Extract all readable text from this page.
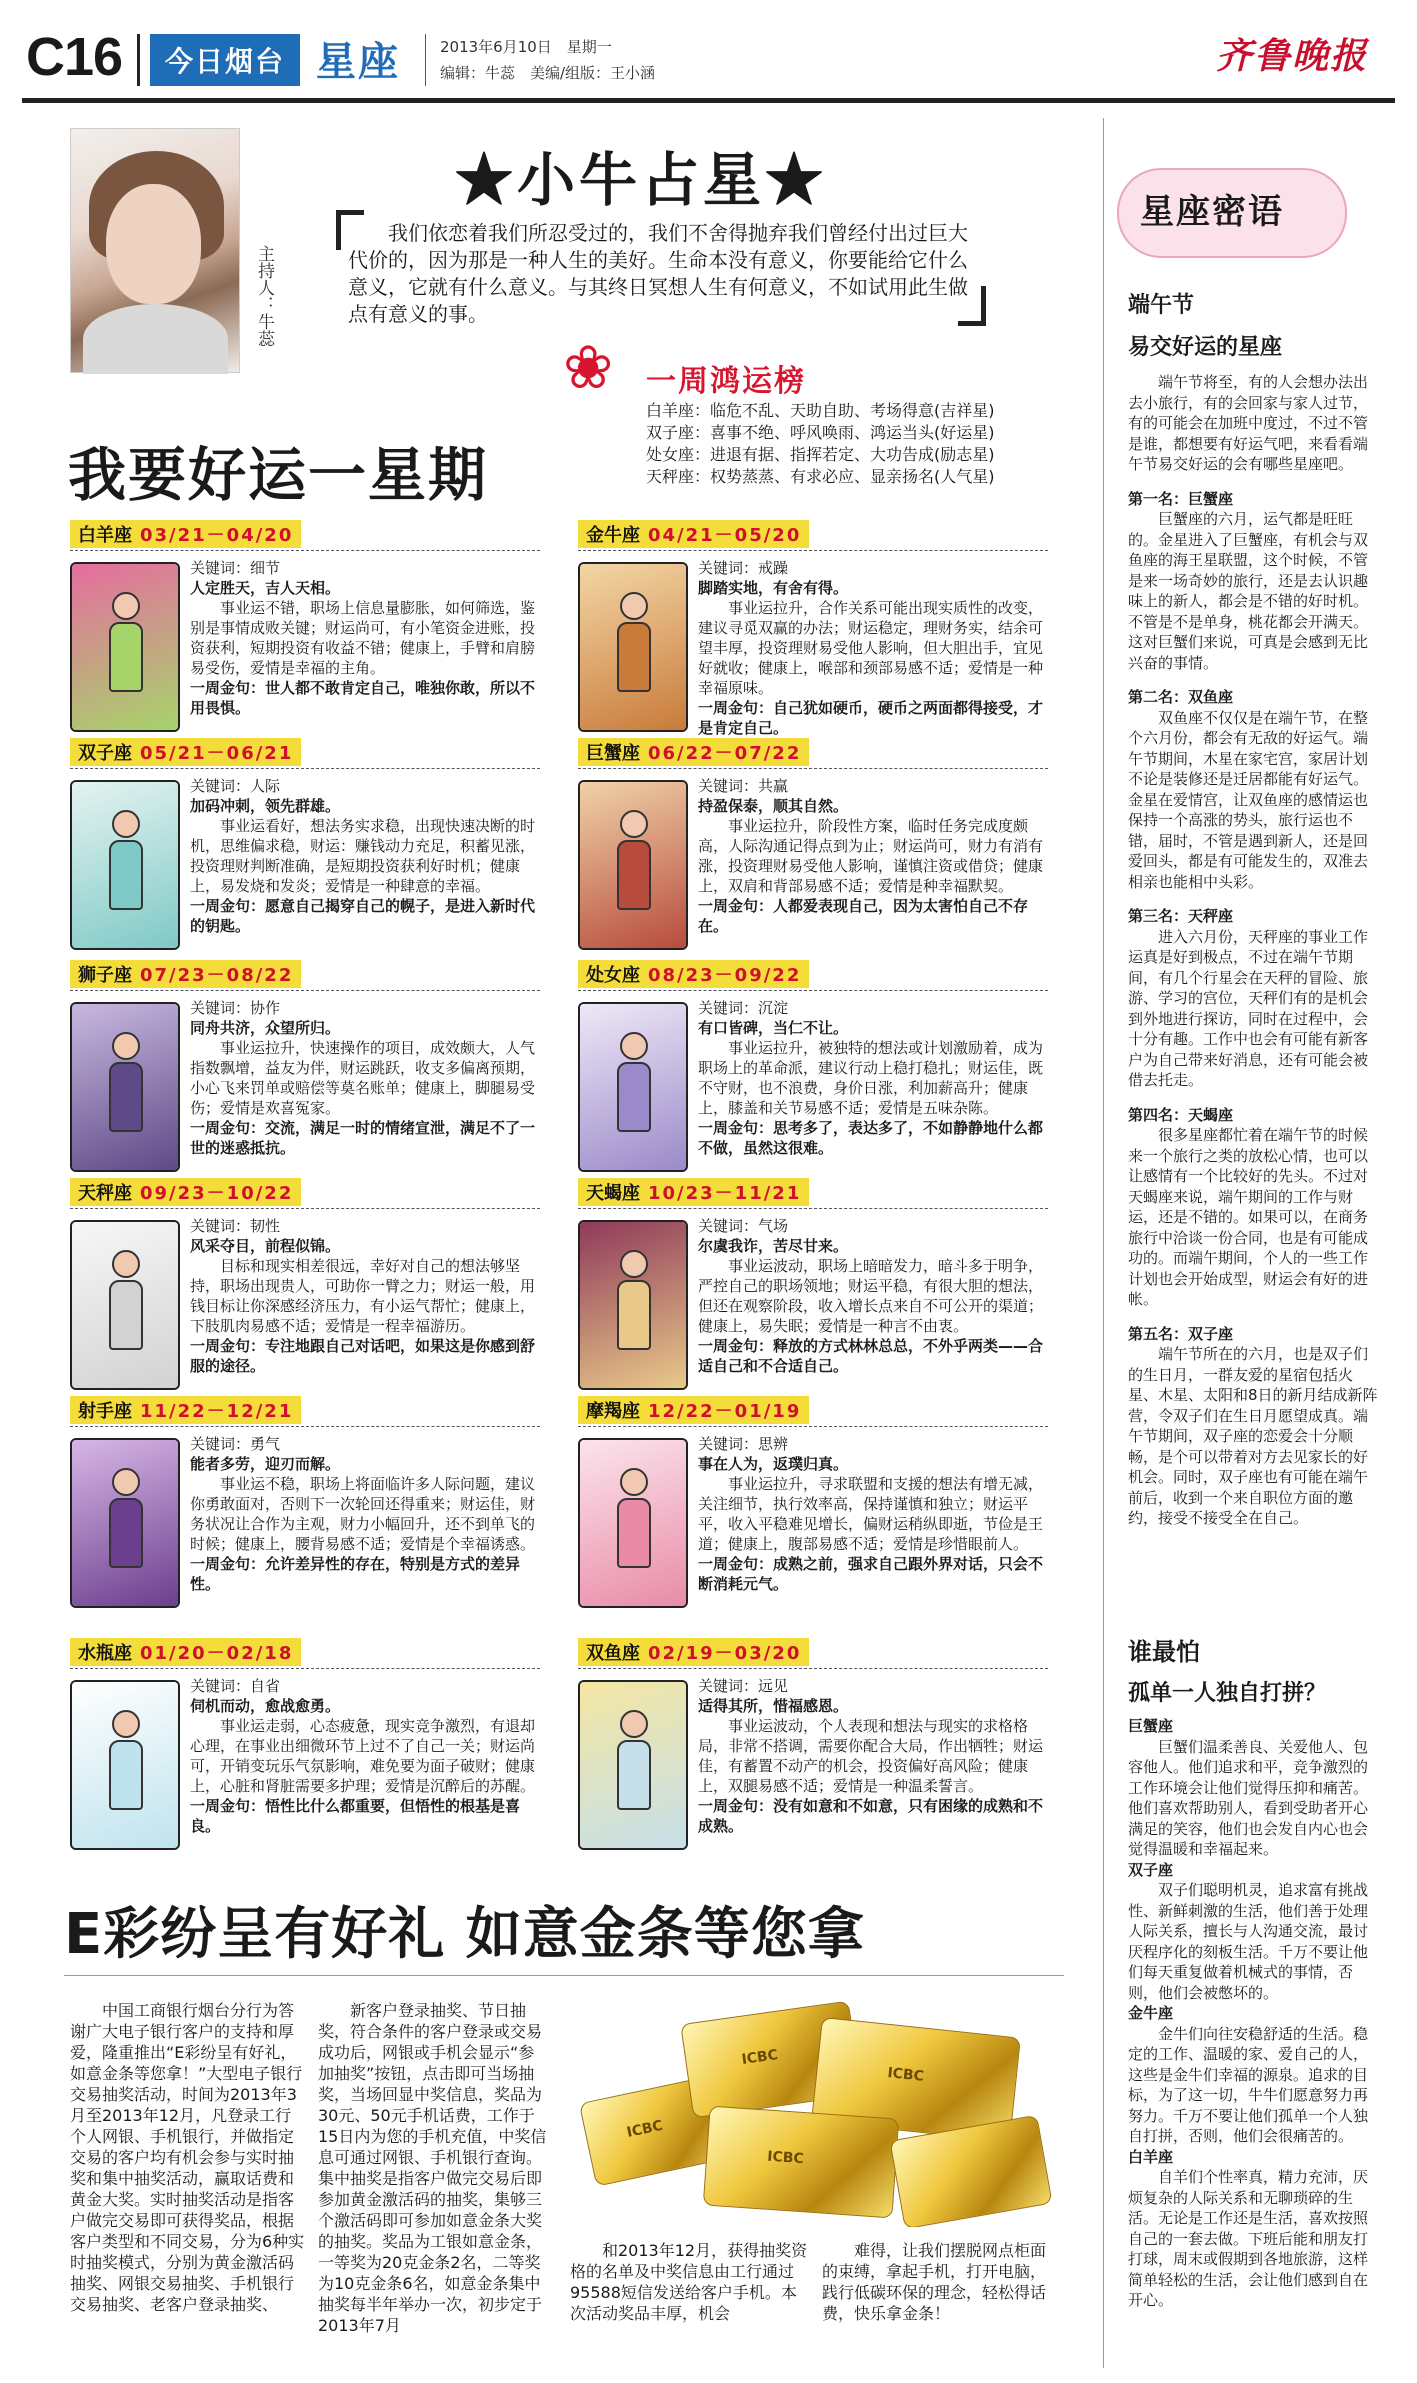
C16	今日烟台 星座	2013年6月10日　星期一
编辑：牛蕊　美编/组版：王小涵	齐鲁晚报
主持人：牛蕊
★小牛占星★
我们依恋着我们所忍受过的，我们不舍得抛弃我们曾经付出过巨大代价的，因为那是一种人生的美好。生命本没有意义，你要能给它什么意义，它就有什么意义。与其终日冥想人生有何意义，不如试用此生做点有意义的事。
❀ 一周鸿运榜
白羊座：临危不乱、天助自助、考场得意(吉祥星)
双子座：喜事不绝、呼风唤雨、鸿运当头(好运星)
处女座：进退有据、指挥若定、大功告成(励志星)
天秤座：权势蒸蒸、有求必应、显亲扬名(人气星)
我要好运一星期
白羊座 03/21－04/20
关键词：细节
人定胜天，吉人天相。
事业运不错，职场上信息量膨胀，如何筛选，鉴别是事情成败关键；财运尚可，有小笔资金进账，投资获利，短期投资有收益不错；健康上，手臂和肩膀易受伤，爱情是幸福的主角。
一周金句：世人都不敢肯定自己，唯独你敢，所以不用畏惧。
金牛座 04/21－05/20
关键词：戒躁
脚踏实地，有舍有得。
事业运拉升，合作关系可能出现实质性的改变，建议寻觅双赢的办法；财运稳定，理财务实，结余可望丰厚，投资理财易受他人影响，但大胆出手，宜见好就收；健康上，喉部和颈部易感不适；爱情是一种幸福原味。
一周金句：自己犹如硬币，硬币之两面都得接受，才是肯定自己。
双子座 05/21－06/21
关键词：人际
加码冲刺，领先群雄。
事业运看好，想法务实求稳，出现快速决断的时机，思维偏求稳，财运：赚钱动力充足，积蓄见涨，投资理财判断准确，是短期投资获利好时机；健康上，易发烧和发炎；爱情是一种肆意的幸福。
一周金句：愿意自己揭穿自己的幌子，是进入新时代的钥匙。
巨蟹座 06/22－07/22
关键词：共赢
持盈保泰，顺其自然。
事业运拉升，阶段性方案，临时任务完成度颇高，人际沟通记得点到为止；财运尚可，财力有消有涨，投资理财易受他人影响，谨慎注资或借贷；健康上，双肩和背部易感不适；爱情是种幸福默契。
一周金句：人都爱表现自己，因为太害怕自己不存在。
狮子座 07/23－08/22
关键词：协作
同舟共济，众望所归。
事业运拉升，快速操作的项目，成效颇大，人气指数飘增，益友为伴，财运跳跃，收支多偏离预期，小心飞来罚单或赔偿等莫名账单；健康上，脚腿易受伤；爱情是欢喜冤家。
一周金句：交流，满足一时的情绪宣泄，满足不了一世的迷惑抵抗。
处女座 08/23－09/22
关键词：沉淀
有口皆碑，当仁不让。
事业运拉升，被独特的想法或计划激励着，成为职场上的革命派，建议行动上稳打稳扎；财运佳，既不守财，也不浪费，身价日涨，利加薪高升；健康上，膝盖和关节易感不适；爱情是五味杂陈。
一周金句：思考多了，表达多了，不如静静地什么都不做，虽然这很难。
天秤座 09/23－10/22
关键词：韧性
风采夺目，前程似锦。
目标和现实相差很远，幸好对自己的想法够坚持，职场出现贵人，可助你一臂之力；财运一般，用钱目标让你深感经济压力，有小运气帮忙；健康上，下肢肌肉易感不适；爱情是一程幸福游历。
一周金句：专注地跟自己对话吧，如果这是你感到舒服的途径。
天蝎座 10/23－11/21
关键词：气场
尔虞我诈，苦尽甘来。
事业运波动，职场上暗暗发力，暗斗多于明争，严控自己的职场领地；财运平稳，有很大胆的想法，但还在观察阶段，收入增长点来自不可公开的渠道；健康上，易失眠；爱情是一种言不由衷。
一周金句：释放的方式林林总总，不外乎两类——合适自己和不合适自己。
射手座 11/22－12/21
关键词：勇气
能者多劳，迎刃而解。
事业运不稳，职场上将面临许多人际问题，建议你勇敢面对，否则下一次轮回还得重来；财运佳，财务状况让合作为主观，财力小幅回升，还不到单飞的时候；健康上，腰背易感不适；爱情是个幸福诱惑。
一周金句：允许差异性的存在，特别是方式的差异性。
摩羯座 12/22－01/19
关键词：思辨
事在人为，返璞归真。
事业运拉升，寻求联盟和支援的想法有增无减，关注细节，执行效率高，保持谨慎和独立；财运平平，收入平稳难见增长，偏财运稍纵即逝，节俭是王道；健康上，腹部易感不适；爱情是珍惜眼前人。
一周金句：成熟之前，强求自己跟外界对话，只会不断消耗元气。
水瓶座 01/20－02/18
关键词：自省
伺机而动，愈战愈勇。
事业运走弱，心态疲惫，现实竞争激烈，有退却心理，在事业出细微环节上过不了自己一关；财运尚可，开销变玩乐气氛影响，难免要为面子破财；健康上，心脏和肾脏需要多护理；爱情是沉醉后的苏醒。
一周金句：悟性比什么都重要，但悟性的根基是喜良。
双鱼座 02/19－03/20
关键词：远见
适得其所，惜福感恩。
事业运波动，个人表现和想法与现实的求格格局，非常不搭调，需要你配合大局，作出牺牲；财运佳，有蓄置不动产的机会，投资偏好高风险；健康上，双腿易感不适；爱情是一种温柔誓言。
一周金句：没有如意和不如意，只有困缘的成熟和不成熟。
E彩纷呈有好礼 如意金条等您拿
中国工商银行烟台分行为答谢广大电子银行客户的支持和厚爱，隆重推出“E彩纷呈有好礼，如意金条等您拿！”大型电子银行交易抽奖活动，时间为2013年3月至2013年12月，凡登录工行个人网银、手机银行，并做指定交易的客户均有机会参与实时抽奖和集中抽奖活动，赢取话费和黄金大奖。实时抽奖活动是指客户做完交易即可获得奖品，根据客户类型和不同交易，分为6种实时抽奖模式，分别为黄金激活码抽奖、网银交易抽奖、手机银行交易抽奖、老客户登录抽奖、
新客户登录抽奖、节日抽奖，符合条件的客户登录或交易成功后，网银或手机会显示“参加抽奖”按钮，点击即可当场抽奖，当场回显中奖信息，奖品为30元、50元手机话费，工作于15日内为您的手机充值，中奖信息可通过网银、手机银行查询。集中抽奖是指客户做完交易后即参加黄金激活码的抽奖，集够三个激活码即可参加如意金条大奖的抽奖。奖品为工银如意金条，一等奖为20克金条2名，二等奖为10克金条6名，如意金条集中抽奖每半年举办一次，初步定于2013年7月
ICBC
ICBC
ICBC
ICBC
和2013年12月，获得抽奖资格的名单及中奖信息由工行通过95588短信发送给客户手机。本次活动奖品丰厚，机会
难得，让我们摆脱网点柜面的束缚，拿起手机，打开电脑，践行低碳环保的理念，轻松得话费，快乐拿金条！
星座密语
端午节
易交好运的星座

端午节将至，有的人会想办法出去小旅行，有的会回家与家人过节，有的可能会在加班中度过，不过不管是谁，都想要有好运气吧，来看看端午节易交好运的会有哪些星座吧。

第一名：巨蟹座

巨蟹座的六月，运气都是旺旺的。金星进入了巨蟹座，有机会与双鱼座的海王星联盟，这个时候，不管是来一场奇妙的旅行，还是去认识趣味上的新人，都会是不错的好时机。不管是不是单身，桃花都会开满天。这对巨蟹们来说，可真是会感到无比兴奋的事情。

第二名：双鱼座

双鱼座不仅仅是在端午节，在整个六月份，都会有无敌的好运气。端午节期间，木星在家宅宫，家居计划不论是装修还是迁居都能有好运气。金星在爱情宫，让双鱼座的感情运也保持一个高涨的势头，旅行运也不错，届时，不管是遇到新人，还是回爱回头，都是有可能发生的，双准去相亲也能相中头彩。

第三名：天秤座

进入六月份，天秤座的事业工作运真是好到极点，不过在端午节期间，有几个行星会在天秤的冒险、旅游、学习的宫位，天秤们有的是机会到外地进行探访，同时在过程中，会十分有趣。工作中也会有可能有新客户为自己带来好消息，还有可能会被借去托走。

第四名：天蝎座

很多星座都忙着在端午节的时候来一个旅行之类的放松心情，也可以让感情有一个比较好的先头。不过对天蝎座来说，端午期间的工作与财运，还是不错的。如果可以，在商务旅行中洽谈一份合同，也是有可能成功的。而端午期间，个人的一些工作计划也会开始成型，财运会有好的进帐。

第五名：双子座

端午节所在的六月，也是双子们的生日月，一群友爱的星宿包括火星、木星、太阳和8日的新月结成新阵营，令双子们在生日月愿望成真。端午节期间，双子座的恋爱会十分顺畅，是个可以带着对方去见家长的好机会。同时，双子座也有可能在端午前后，收到一个来自职位方面的邀约，接受不接受全在自己。

谁最怕
孤单一人独自打拼？

巨蟹座

巨蟹们温柔善良、关爱他人、包容他人。他们追求和平，竞争激烈的工作环境会让他们觉得压抑和痛苦。他们喜欢帮助别人，看到受助者开心满足的笑容，他们也会发自内心也会觉得温暖和幸福起来。

双子座

双子们聪明机灵，追求富有挑战性、新鲜刺激的生活，他们善于处理人际关系，擅长与人沟通交流，最讨厌程序化的刻板生活。千万不要让他们每天重复做着机械式的事情，否则，他们会被憋坏的。

金牛座

金牛们向往安稳舒适的生活。稳定的工作、温暖的家、爱自己的人，这些是金牛们幸福的源泉。追求的目标，为了这一切，牛牛们愿意努力再努力。千万不要让他们孤单一个人独自打拼，否则，他们会很痛苦的。

白羊座

自羊们个性率真，精力充沛，厌烦复杂的人际关系和无聊琐碎的生活。无论是工作还是生活，喜欢按照自己的一套去做。下班后能和朋友打打球，周末或假期到各地旅游，这样简单轻松的生活，会让他们感到自在开心。
